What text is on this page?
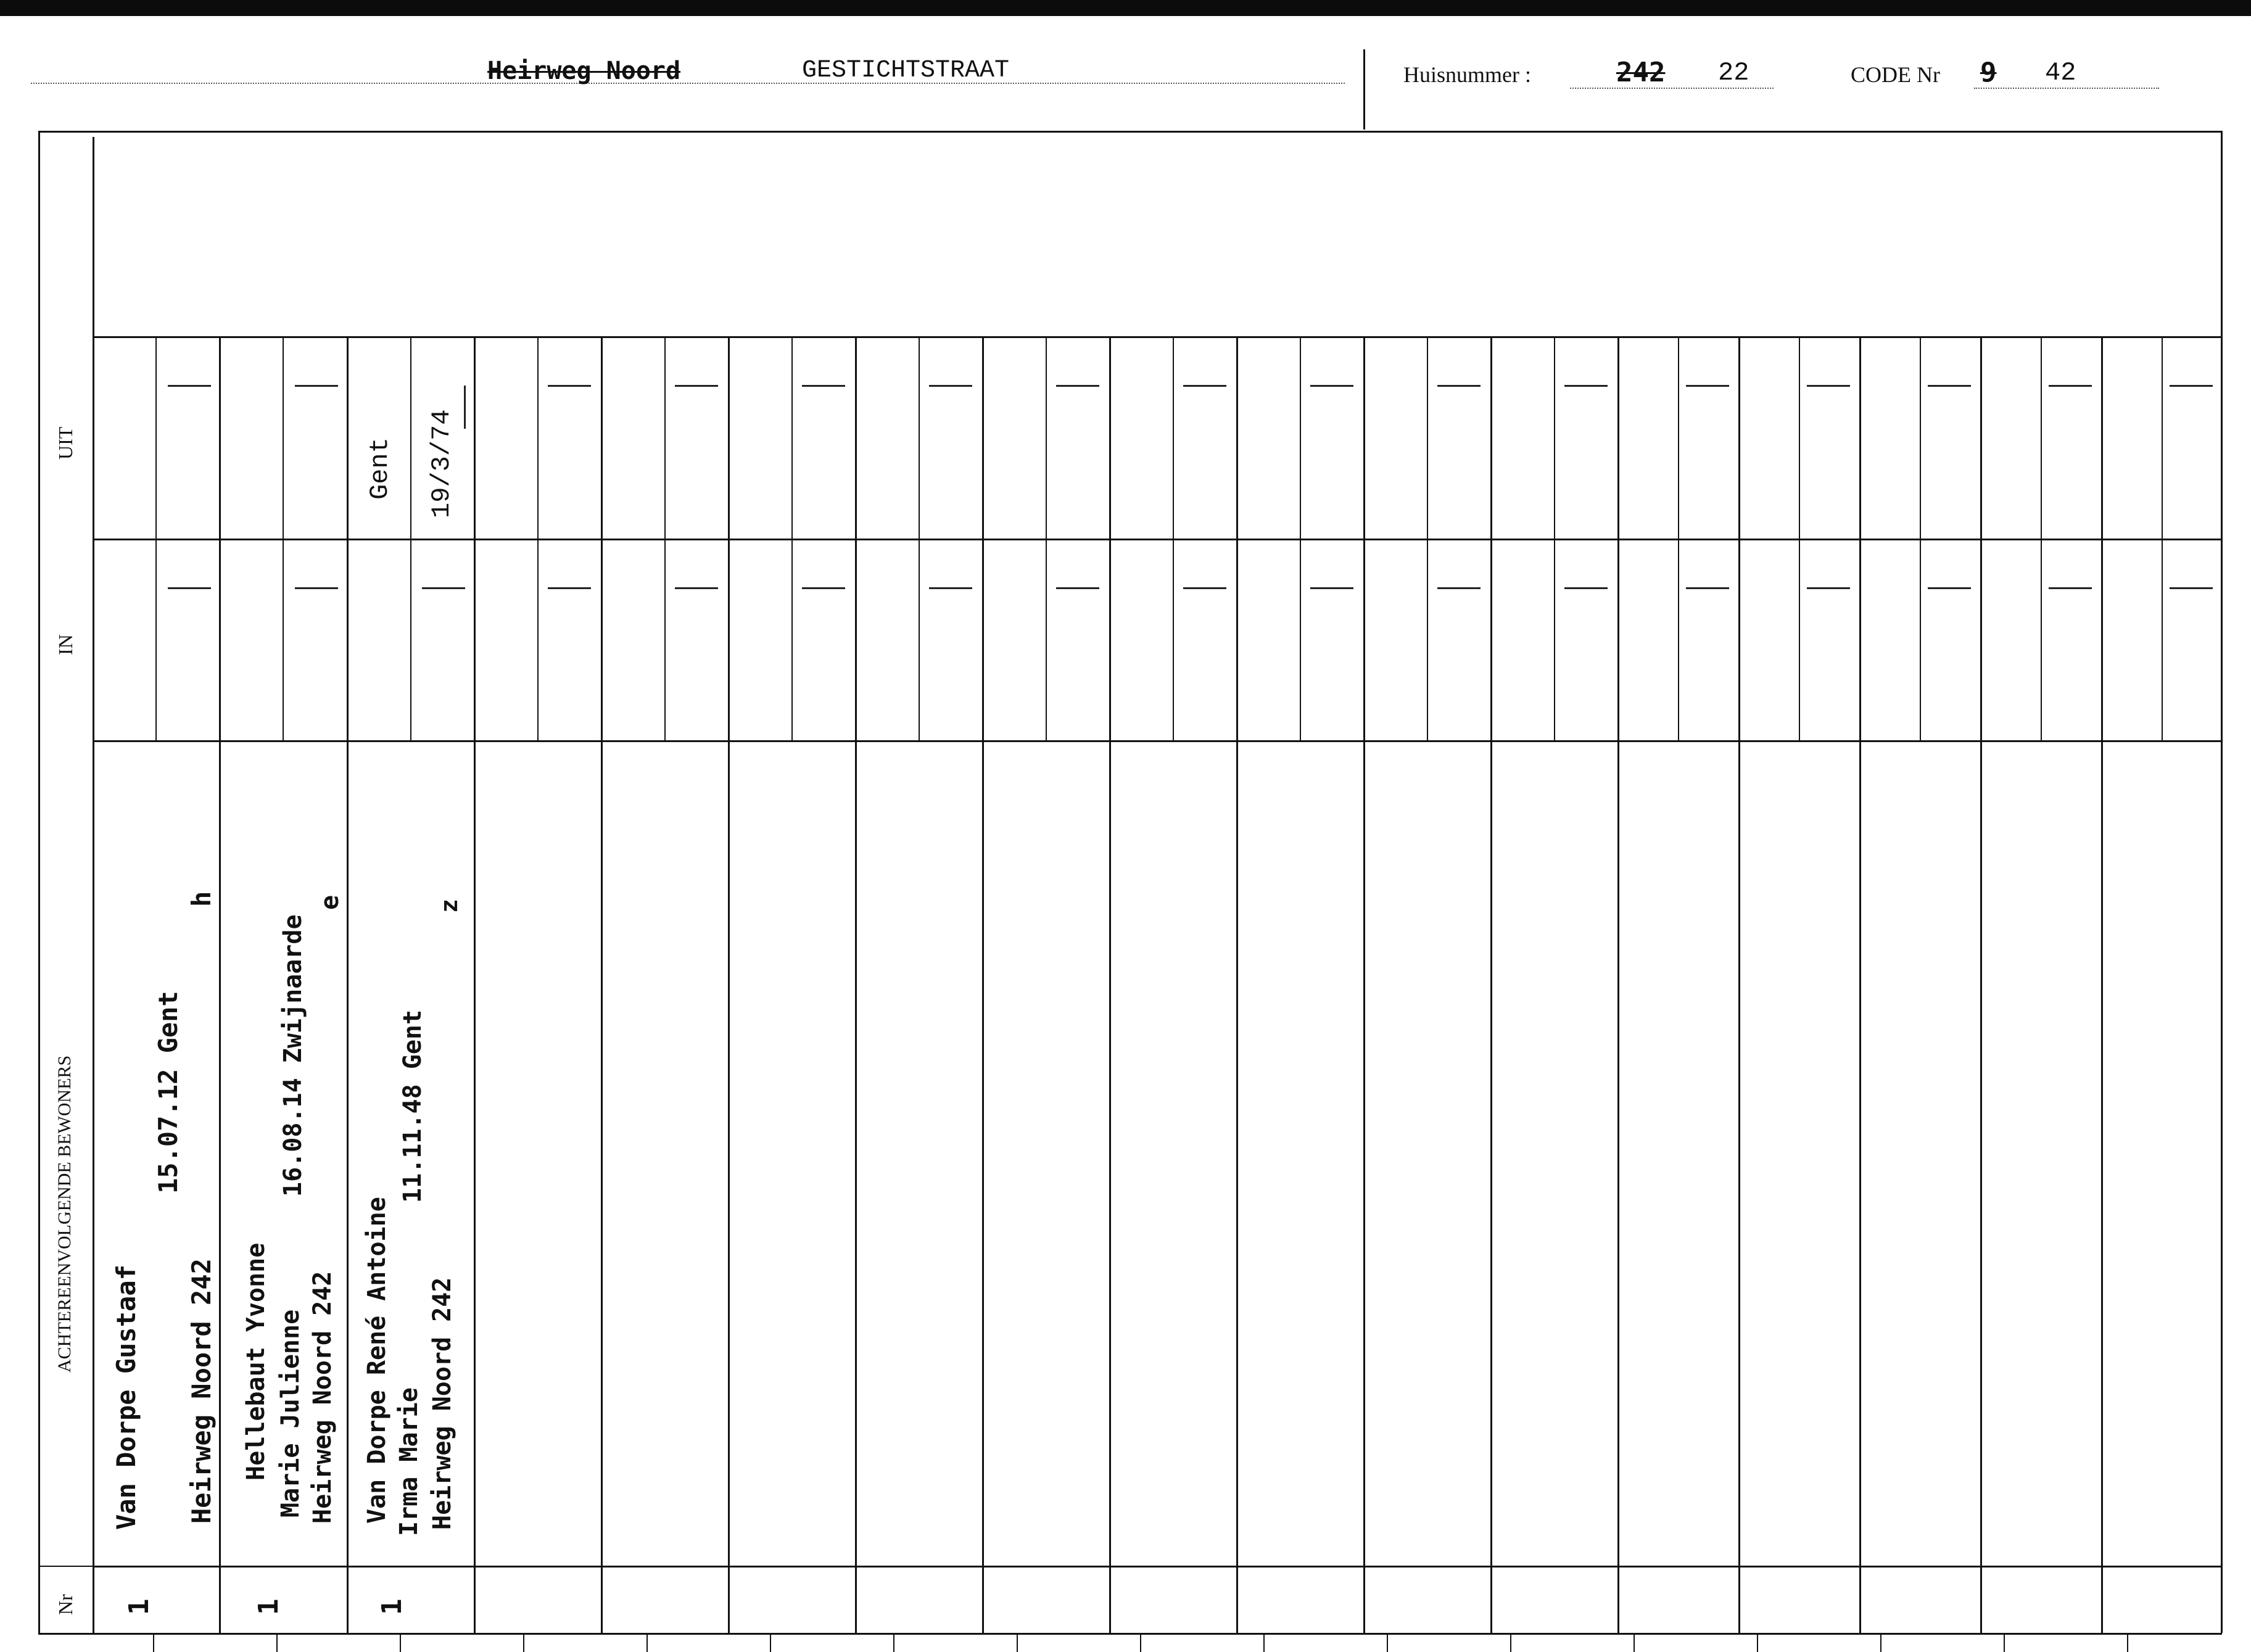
Heirweg Noord	GESTICHTSTRAAT	Huisnummer :	242 22	CODE Nr 9 42
UIT
IN
ACHTEREENVOLGENDE BEWONERS
Nr
Van Dorpe Gustaaf
15.07.12 Gent
Heirweg Noord 242
h
1
Hellebaut Yvonne Marie Julienne
16.08.14 Zwijnaarde
Heirweg Noord 242
e
1
Gent 19/3/74
Van Dorpe René Antoine Irma Marie
11.11.48 Gent
Heirweg Noord 242
z
1
